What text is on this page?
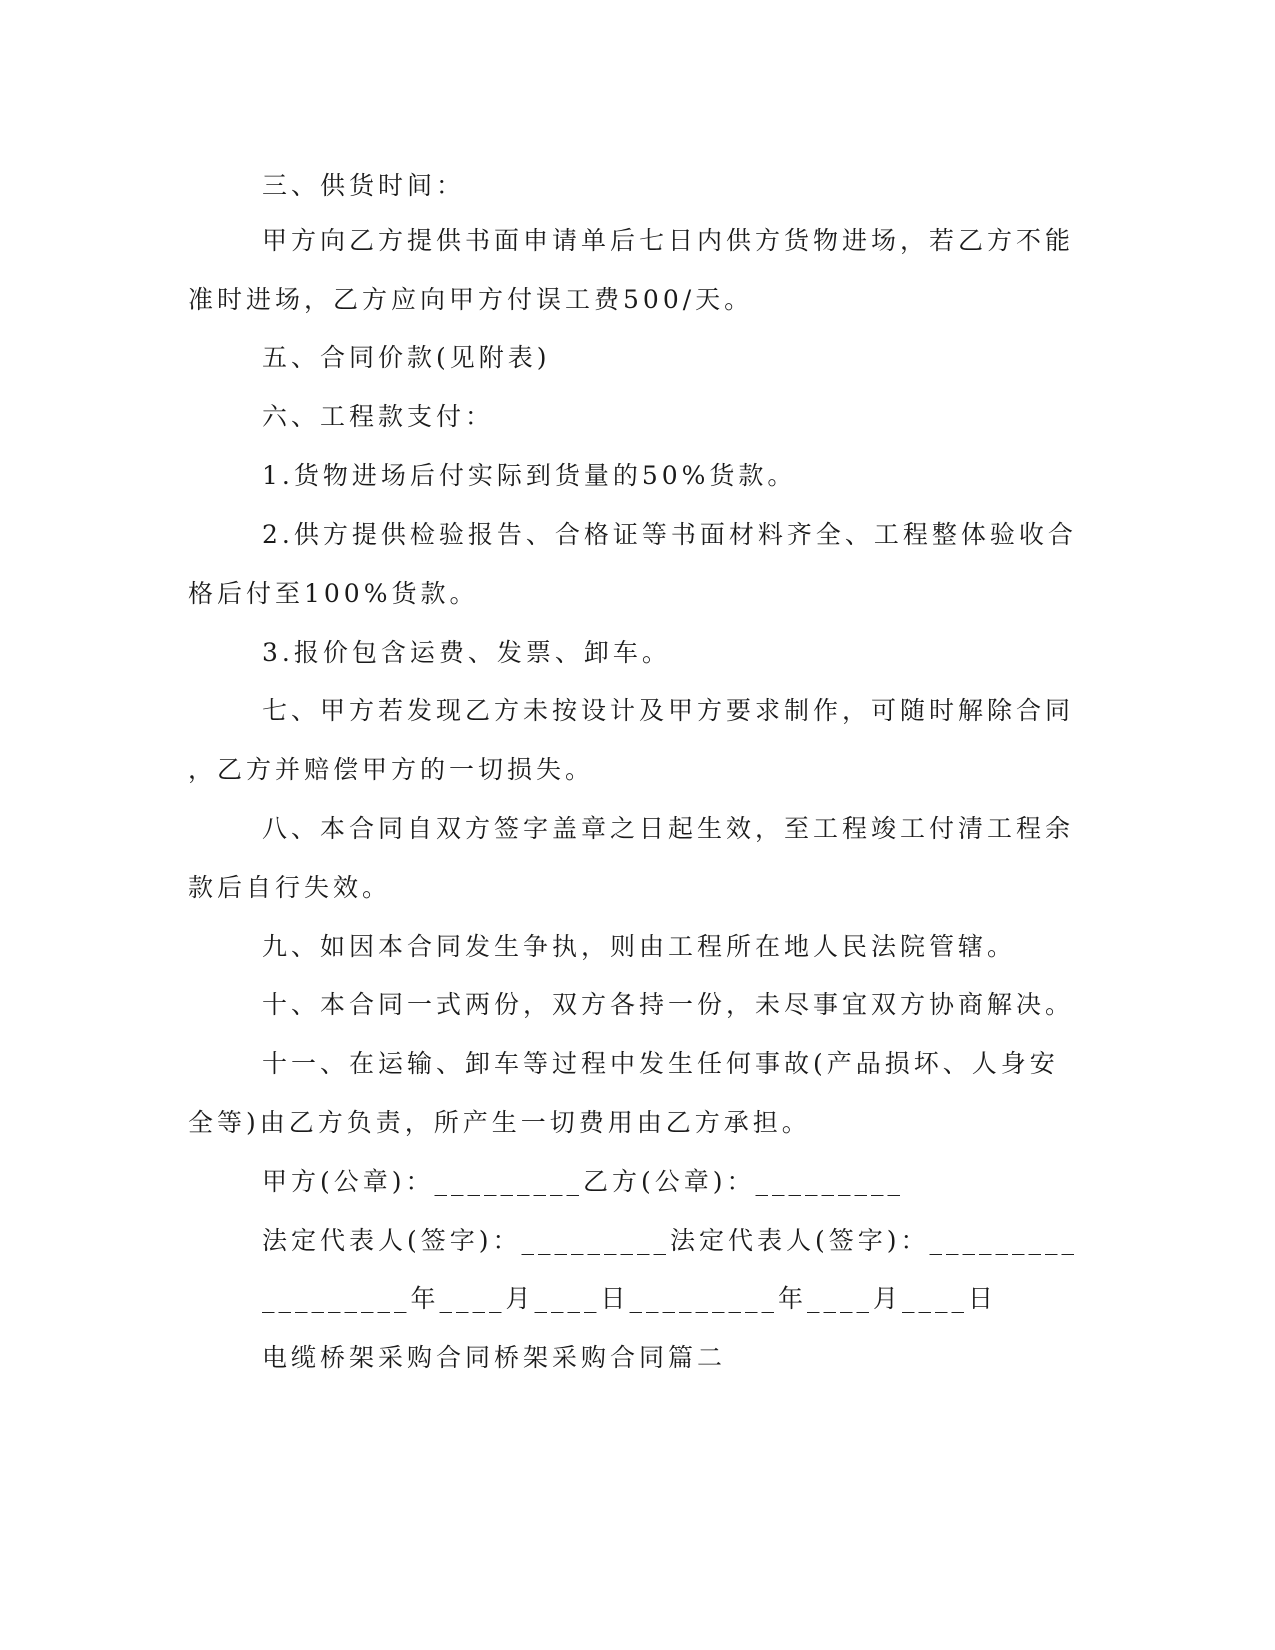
三、供货时间：
甲方向乙方提供书面申请单后七日内供方货物进场，若乙方不能
准时进场，乙方应向甲方付误工费500/天。
五、合同价款(见附表)
六、工程款支付：
1.货物进场后付实际到货量的50%货款。
2.供方提供检验报告、合格证等书面材料齐全、工程整体验收合
格后付至100%货款。
3.报价包含运费、发票、卸车。
七、甲方若发现乙方未按设计及甲方要求制作，可随时解除合同
，乙方并赔偿甲方的一切损失。
八、本合同自双方签字盖章之日起生效，至工程竣工付清工程余
款后自行失效。
九、如因本合同发生争执，则由工程所在地人民法院管辖。
十、本合同一式两份，双方各持一份，未尽事宜双方协商解决。
十一、在运输、卸车等过程中发生任何事故(产品损坏、人身安
全等)由乙方负责，所产生一切费用由乙方承担。
甲方(公章)：_________乙方(公章)：_________
法定代表人(签字)：_________法定代表人(签字)：_________
_________年____月____日_________年____月____日
电缆桥架采购合同桥架采购合同篇二
